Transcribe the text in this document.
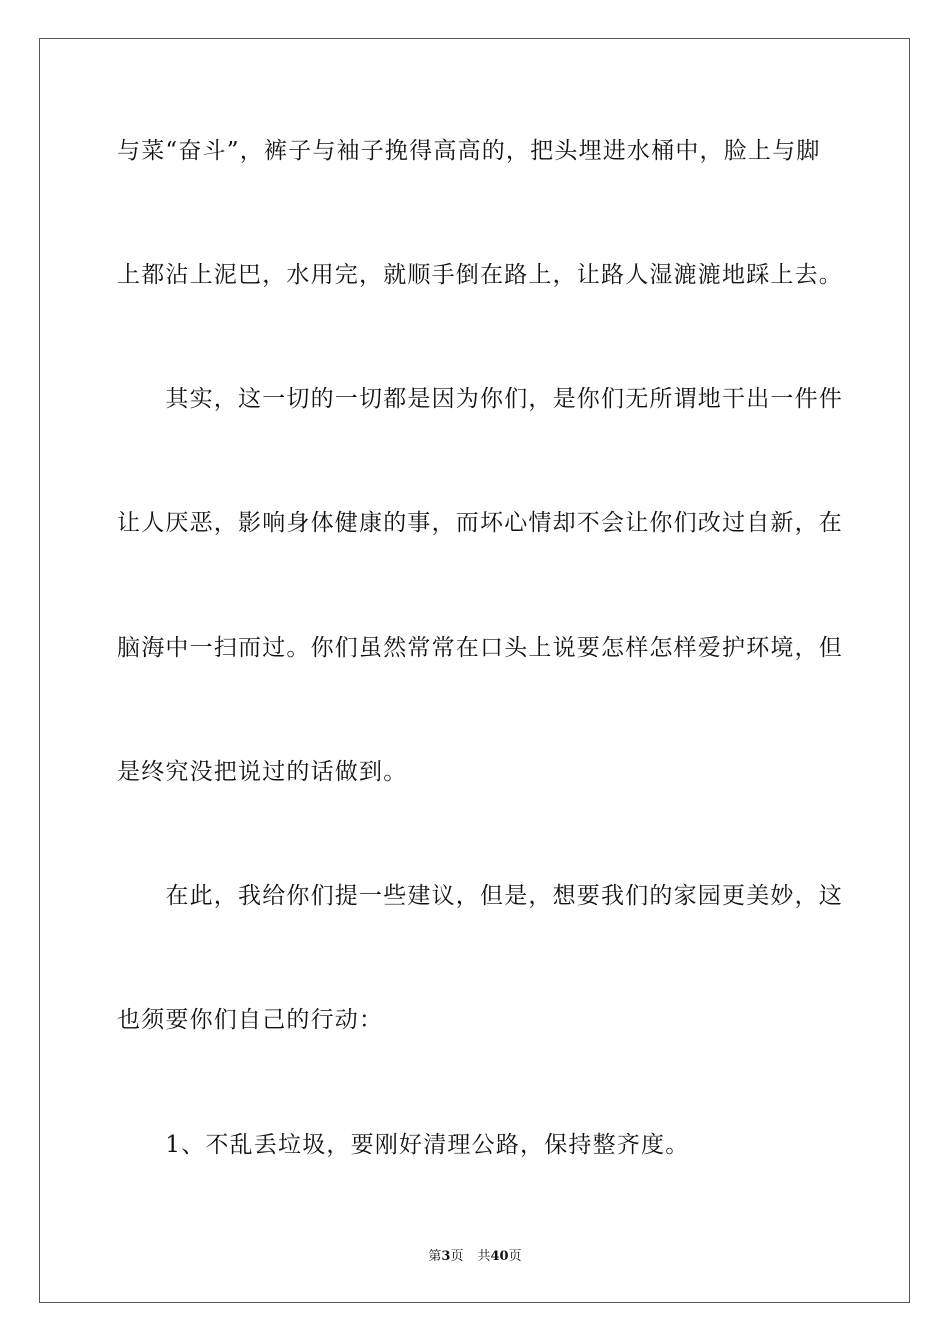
与菜“奋斗”，裤子与袖子挽得高高的，把头埋进水桶中，脸上与脚
上都沾上泥巴，水用完，就顺手倒在路上，让路人湿漉漉地踩上去。
　　其实，这一切的一切都是因为你们，是你们无所谓地干出一件件
让人厌恶，影响身体健康的事，而坏心情却不会让你们改过自新，在
脑海中一扫而过。你们虽然常常在口头上说要怎样怎样爱护环境，但
是终究没把说过的话做到。
　　在此，我给你们提一些建议，但是，想要我们的家园更美妙，这
也须要你们自己的行动：
　　1、不乱丢垃圾，要刚好清理公路，保持整齐度。
第3页 共40页
